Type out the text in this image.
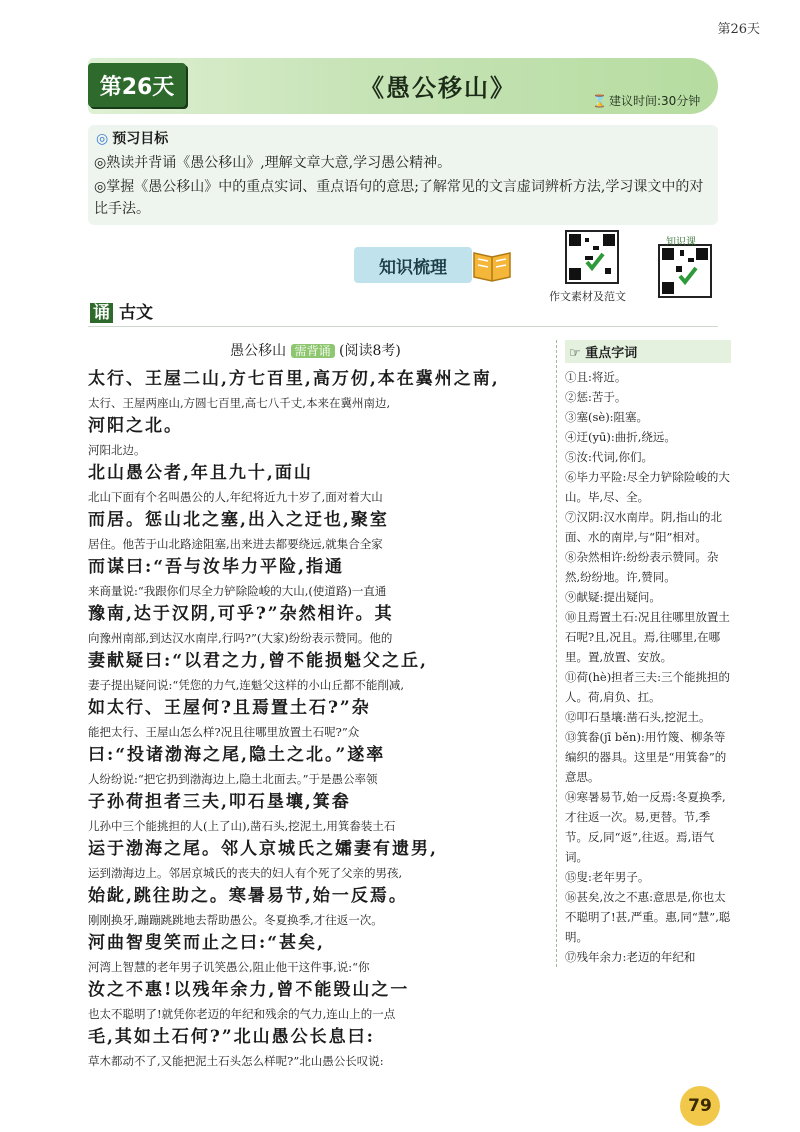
第26天
第26天	《愚公移山》	⌛ 建议时间:30分钟
◎ 预习目标
◎熟读并背诵《愚公移山》,理解文章大意,学习愚公精神。
◎掌握《愚公移山》中的重点实词、重点语句的意思;了解常见的文言虚词辨析方法,学习课文中的对比手法。
知识梳理
作文素材及范文
知识课
诵 古文
愚公移山 需背诵 (阅读8考)
太行、王屋二山,方七百里,高万仞,本在冀州之南,
太行、王屋两座山,方圆七百里,高七八千丈,本来在冀州南边,
河阳之北。
河阳北边。
北山愚公者,年且九十,面山
北山下面有个名叫愚公的人,年纪将近九十岁了,面对着大山
而居。惩山北之塞,出入之迂也,聚室
居住。他苦于山北路途阻塞,出来进去都要绕远,就集合全家
而谋曰:“吾与汝毕力平险,指通
来商量说:“我跟你们尽全力铲除险峻的大山,(使道路)一直通
豫南,达于汉阴,可乎?”杂然相许。其
向豫州南部,到达汉水南岸,行吗?”(大家)纷纷表示赞同。他的
妻献疑曰:“以君之力,曾不能损魁父之丘,
妻子提出疑问说:“凭您的力气,连魁父这样的小山丘都不能削减,
如太行、王屋何?且焉置土石?”杂
能把太行、王屋山怎么样?况且往哪里放置土石呢?”众
曰:“投诸渤海之尾,隐土之北。”遂率
人纷纷说:“把它扔到渤海边上,隐土北面去。”于是愚公率领
子孙荷担者三夫,叩石垦壤,箕畚
儿孙中三个能挑担的人(上了山),凿石头,挖泥土,用箕畚装土石
运于渤海之尾。邻人京城氏之孀妻有遗男,
运到渤海边上。邻居京城氏的丧夫的妇人有个死了父亲的男孩,
始龀,跳往助之。寒暑易节,始一反焉。
刚刚换牙,蹦蹦跳跳地去帮助愚公。冬夏换季,才往返一次。
河曲智叟笑而止之曰:“甚矣,
河湾上智慧的老年男子讥笑愚公,阻止他干这件事,说:“你
汝之不惠!以残年余力,曾不能毁山之一
也太不聪明了!就凭你老迈的年纪和残余的气力,连山上的一点
毛,其如土石何?”北山愚公长息曰:
草木都动不了,又能把泥土石头怎么样呢?”北山愚公长叹说:
☞ 重点字词
①且:将近。
②惩:苦于。
③塞(sè):阻塞。
④迂(yū):曲折,绕远。
⑤汝:代词,你们。
⑥毕力平险:尽全力铲除险峻的大山。毕,尽、全。
⑦汉阴:汉水南岸。阴,指山的北面、水的南岸,与“阳”相对。
⑧杂然相许:纷纷表示赞同。杂然,纷纷地。许,赞同。
⑨献疑:提出疑问。
⑩且焉置土石:况且往哪里放置土石呢?且,况且。焉,往哪里,在哪里。置,放置、安放。
⑪荷(hè)担者三夫:三个能挑担的人。荷,肩负、扛。
⑫叩石垦壤:凿石头,挖泥土。
⑬箕畚(jī běn):用竹篾、柳条等编织的器具。这里是“用箕畚”的意思。
⑭寒暑易节,始一反焉:冬夏换季,才往返一次。易,更替。节,季节。反,同“返”,往返。焉,语气词。
⑮叟:老年男子。
⑯甚矣,汝之不惠:意思是,你也太不聪明了!甚,严重。惠,同“慧”,聪明。
⑰残年余力:老迈的年纪和
79
